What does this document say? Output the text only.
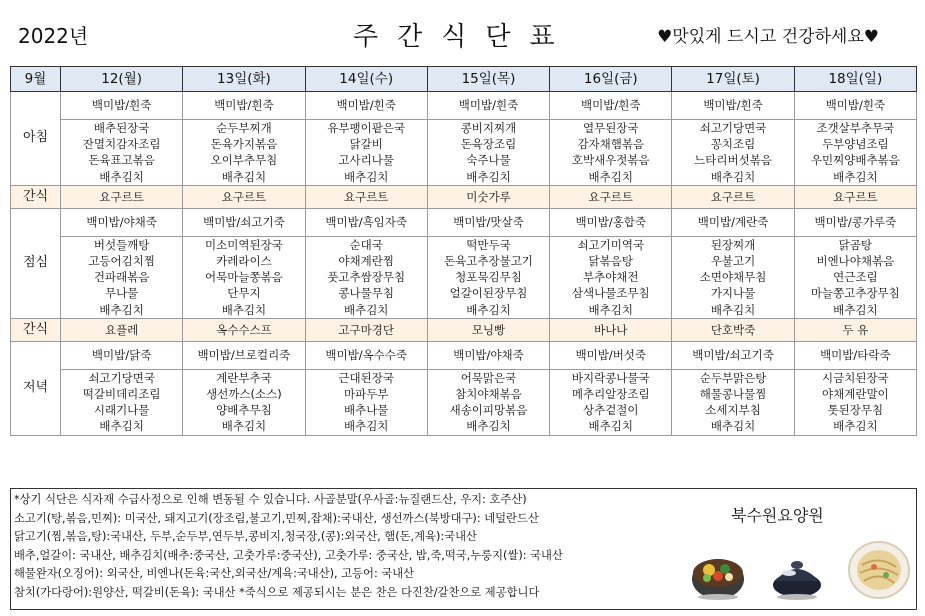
2022년	주간식단표	♥맛있게 드시고 건강하세요♥
9월	12(월)	13일(화)	14일(수)	15일(목)	16일(금)	17일(토)	18일(일)
아침	백미밥/흰죽	백미밥/흰죽	백미밥/흰죽	백미밥/흰죽	백미밥/흰죽	백미밥/흰죽	백미밥/흰죽

	배추된장국
잔멸치감자조림
돈육표고볶음
배추김치	순두부찌개
돈육가지볶음
오이부추무침
배추김치	유부팽이팥은국
닭갈비
고사리나물
배추김치	콩비지찌개
돈육장조림
숙주나물
배추김치	열무된장국
감자채햄볶음
호박새우젓볶음
배추김치	쇠고기당면국
꽁치조림
느타리버섯볶음
배추김치	조갯살부추무국
두부양념조림
우민찌양배추볶음
배추김치

간식	요구르트	요구르트	요구르트	미숫가루	요구르트	요구르트	요구르트
점심	백미밥/야채죽	백미밥/쇠고기죽	백미밥/흑임자죽	백미밥/맛살죽	백미밥/홍합죽	백미밥/계란죽	백미밥/콩가루죽

	버섯들깨탕
고등어김치찜
건파래볶음
무나물
배추김치	미소미역된장국
카레라이스
어묵마늘쫑볶음
단무지
배추김치	순대국
야채계란찜
풋고추쌈장무침
콩나물무침
배추김치	떡만두국
돈육고추장불고기
청포묵김무침
얼갈이된장무침
배추김치	쇠고기미역국
닭볶음탕
부추야채전
삼색나물조무침
배추김치	된장찌개
우불고기
소면야채무침
가지나물
배추김치	닭곰탕
비엔나야채볶음
연근조림
마늘쫑고추장무침
배추김치

간식	요플레	옥수수스프	고구마경단	모닝빵	바나나	단호박죽	두 유
저녁	백미밥/닭죽	백미밥/브로컬리죽	백미밥/옥수수죽	백미밥/야채죽	백미밥/버섯죽	백미밥/쇠고기죽	백미밥/타락죽

	쇠고기당면국
떡갈비데리조림
시래기나물
배추김치	계란부추국
생선까스(소스)
양배추무침
배추김치	근대된장국
마파두부
배추나물
배추김치	어묵맑은국
참치야채볶음
새송이피망볶음
배추김치	바지락콩나물국
메추리알장조림
상추겉절이
배추김치	순두부맑은탕
해물콩나물찜
소세지부침
배추김치	시금치된장국
야채계란말이
톳된장무침
배추김치
*상기 식단은 식자재 수급사정으로 인해 변동될 수 있습니다. 사골분말(우사골:뉴질랜드산, 우지: 호주산)
소고기(탕,볶음,민찌): 미국산, 돼지고기(장조림,불고기,민찌,잡채):국내산, 생선까스(북방대구): 네덜란드산
닭고기(찜,볶음,탕):국내산, 두부,순두부,연두부,콩비지,청국장,(콩):외국산, 햄(돈,계육):국내산
배추,얼갈이: 국내산, 배추김치(배추:중국산, 고춧가루:중국산), 고춧가루: 중국산, 밥,죽,떡국,누룽지(쌀): 국내산
해물완자(오징어): 외국산, 비엔나(돈육:국산,외국산/계육:국내산), 고등어: 국내산
참치(가다랑어):원양산, 떡갈비(돈육): 국내산 *죽식으로 제공되시는 분은 찬은 다진찬/갈찬으로 제공합니다
북수원요양원
